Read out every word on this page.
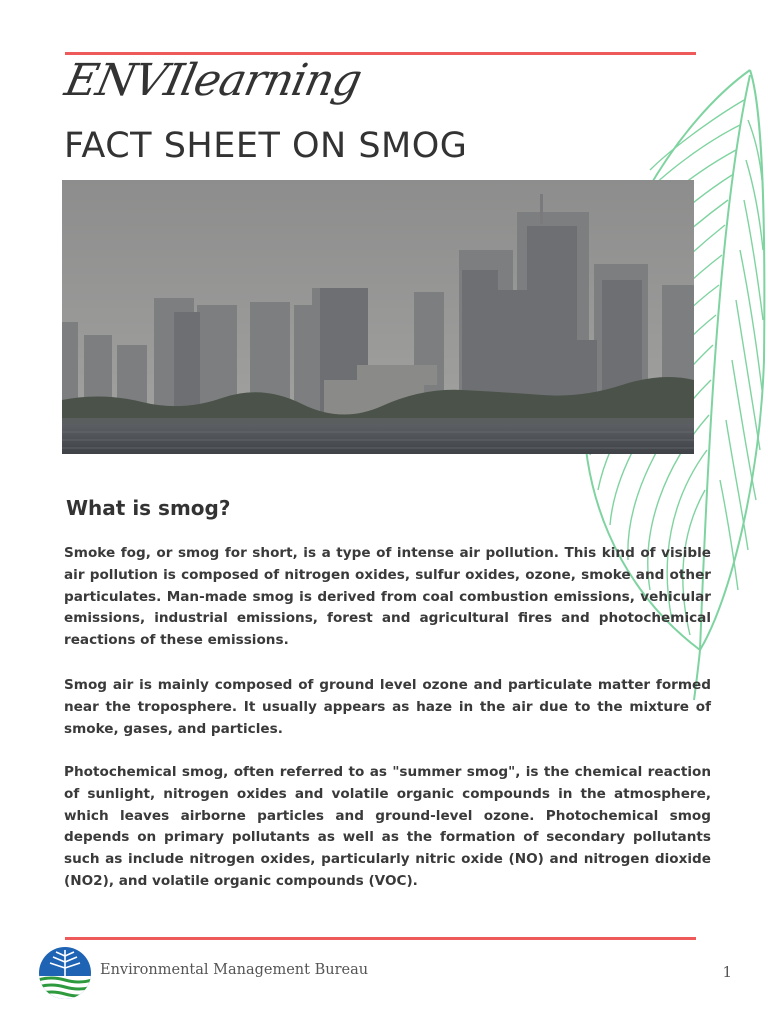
ENVIlearning
FACT SHEET ON SMOG
What is smog?

Smoke fog, or smog for short, is a type of intense air pollution. This kind of visible air pollution is composed of nitrogen oxides, sulfur oxides, ozone, smoke and other particulates. Man-made smog is derived from coal combustion emissions, vehicular emissions, industrial emissions, forest and agricultural fires and photochemical reactions of these emissions.

Smog air is mainly composed of ground level ozone and particulate matter formed near the troposphere. It usually appears as haze in the air due to the mixture of smoke, gases, and particles.

Photochemical smog, often referred to as "summer smog", is the chemical reaction of sunlight, nitrogen oxides and volatile organic compounds in the atmosphere, which leaves airborne particles and ground-level ozone. Photochemical smog depends on primary pollutants as well as the formation of secondary pollutants such as include nitrogen oxides, particularly nitric oxide (NO) and nitrogen dioxide (NO2), and volatile organic compounds (VOC).

Environmental Management Bureau	1
